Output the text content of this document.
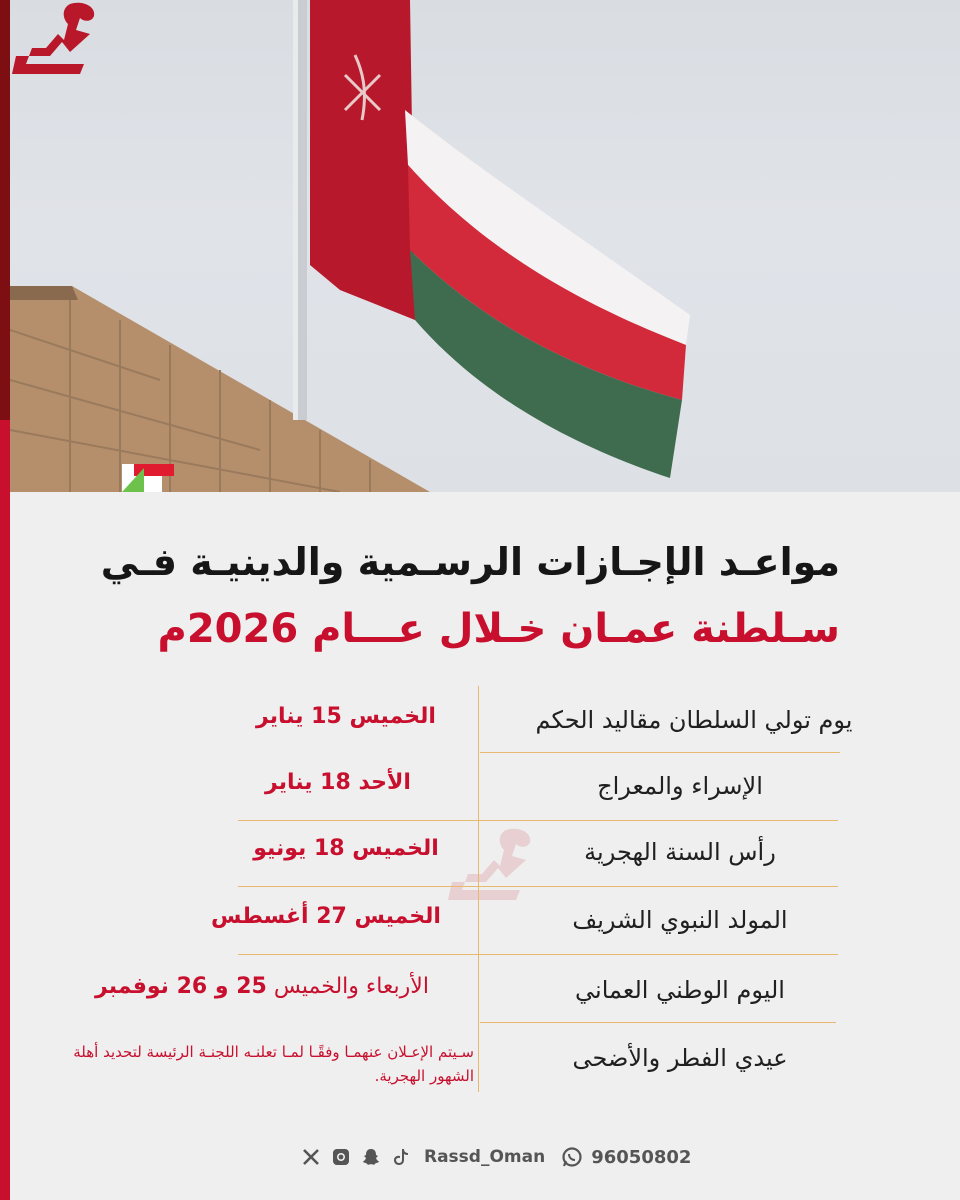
مواعـد الإجـازات الرسـمية والدينيـة فـي
سـلطنة عمـان خـلال عـــام 2026م
يوم تولي السلطان مقاليد الحكم
الخميس 15 يناير
الإسراء والمعراج
الأحد 18 يناير
رأس السنة الهجرية
الخميس 18 يونيو
المولد النبوي الشريف
الخميس 27 أغسطس
اليوم الوطني العماني
الأربعاء والخميس 25 و 26 نوفمبر
عيدي الفطر والأضحى
سـيتم الإعـلان عنهمـا وفقًـا لمـا تعلنـه اللجنـة الرئيسة لتحديد أهلة الشهور الهجرية.
Rassd_Oman	96050802
